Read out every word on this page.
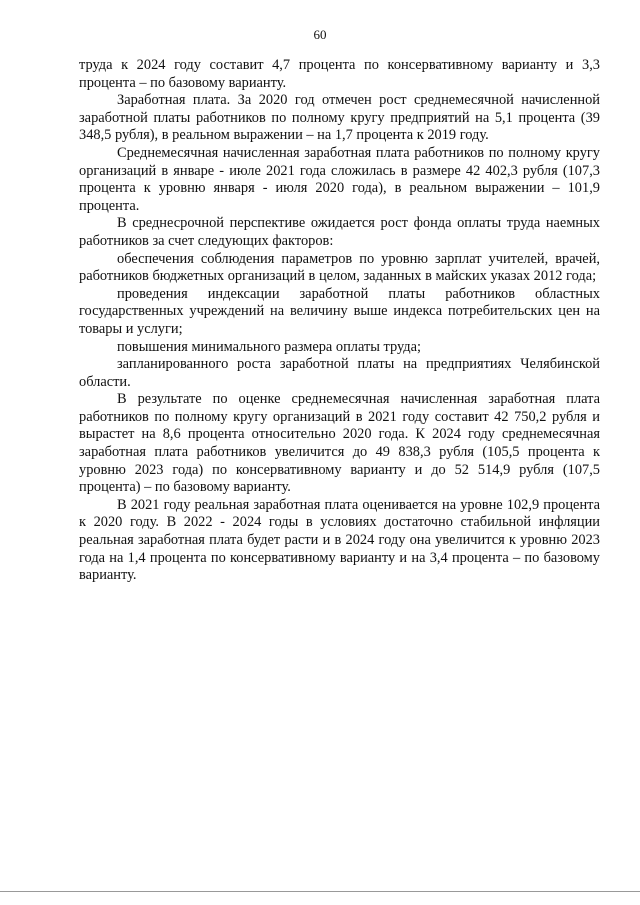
60

труда к 2024 году составит 4,7 процента по консервативному варианту и 3,3 процента – по базовому варианту.

Заработная плата. За 2020 год отмечен рост среднемесячной начисленной заработной платы работников по полному кругу предприятий на 5,1 процента (39 348,5 рубля), в реальном выражении – на 1,7 процента к 2019 году.

Среднемесячная начисленная заработная плата работников по полному кругу организаций в январе - июле 2021 года сложилась в размере 42 402,3 рубля (107,3 процента к уровню января - июля 2020 года), в реальном выражении – 101,9 процента.

В среднесрочной перспективе ожидается рост фонда оплаты труда наемных работников за счет следующих факторов:

обеспечения соблюдения параметров по уровню зарплат учителей, врачей, работников бюджетных организаций в целом, заданных в майских указах 2012 года;

проведения индексации заработной платы работников областных государственных учреждений на величину выше индекса потребительских цен на товары и услуги;

повышения минимального размера оплаты труда;

запланированного роста заработной платы на предприятиях Челябинской области.

В результате по оценке среднемесячная начисленная заработная плата работников по полному кругу организаций в 2021 году составит 42 750,2 рубля и вырастет на 8,6 процента относительно 2020 года. К 2024 году среднемесячная заработная плата работников увеличится до 49 838,3 рубля (105,5 процента к уровню 2023 года) по консервативному варианту и до 52 514,9 рубля (107,5 процента) – по базовому варианту.

В 2021 году реальная заработная плата оценивается на уровне 102,9 процента к 2020 году. В 2022 - 2024 годы в условиях достаточно стабильной инфляции реальная заработная плата будет расти и в 2024 году она увеличится к уровню 2023 года на 1,4 процента по консервативному варианту и на 3,4 процента – по базовому варианту.
